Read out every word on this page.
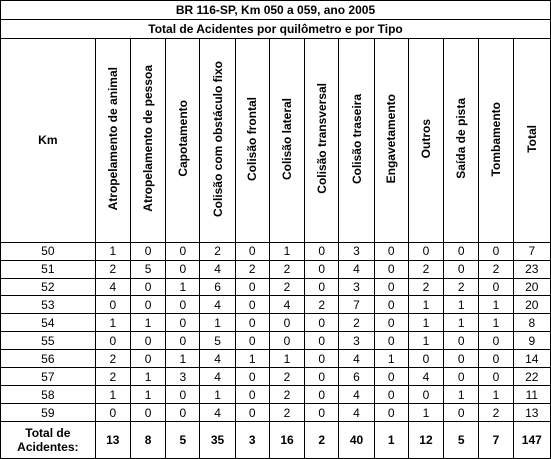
BR 116-SP, Km 050 a 059, ano 2005													
Total de Acidentes por quilômetro e por Tipo													
Km	Atropelamento de animal	Atropelamento de pessoa	Capotamento	Colisão com obstáculo fixo	Colisão frontal	Colisão lateral	Colisão transversal	Colisão traseira	Engavetamento	Outros	Saída de pista	Tombamento	Total
50	1	0	0	2	0	1	0	3	0	0	0	0	7
51	2	5	0	4	2	2	0	4	0	2	0	2	23
52	4	0	1	6	0	2	0	3	0	2	2	0	20
53	0	0	0	4	0	4	2	7	0	1	1	1	20
54	1	1	0	1	0	0	0	2	0	1	1	1	8
55	0	0	0	5	0	0	0	3	0	1	0	0	9
56	2	0	1	4	1	1	0	4	1	0	0	0	14
57	2	1	3	4	0	2	0	6	0	4	0	0	22
58	1	1	0	1	0	2	0	4	0	0	1	1	11
59	0	0	0	4	0	2	0	4	0	1	0	2	13
Total de
Acidentes:	13	8	5	35	3	16	2	40	1	12	5	7	147
